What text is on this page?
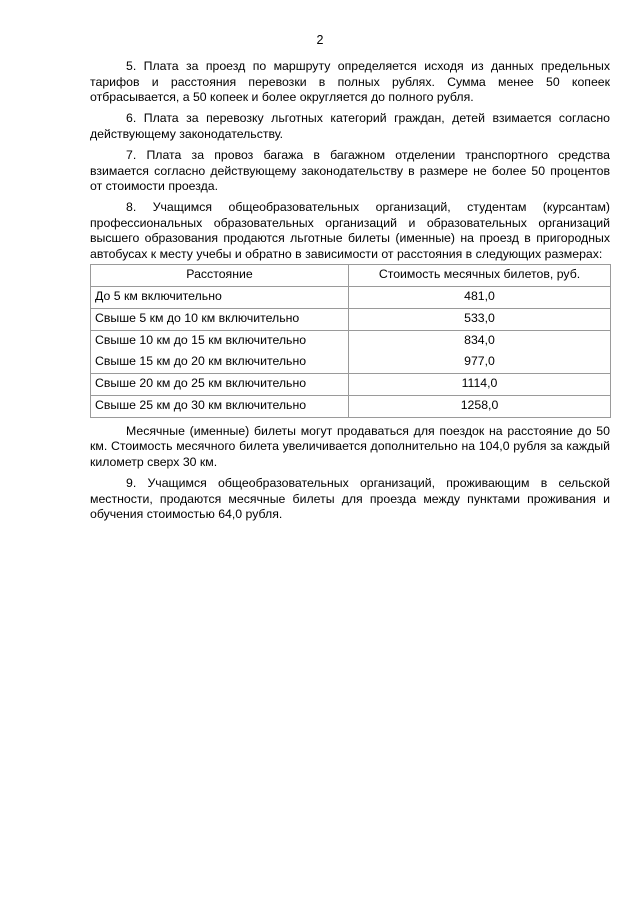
2

5. Плата за проезд по маршруту определяется исходя из данных предельных тарифов и расстояния перевозки в полных рублях. Сумма менее 50 копеек отбрасывается, а 50 копеек и более округляется до полного рубля.

6. Плата за перевозку льготных категорий граждан, детей взимается согласно действующему законодательству.

7. Плата за провоз багажа в багажном отделении транспортного средства взимается согласно действующему законодательству в размере не более 50 процентов от стоимости проезда.

8. Учащимся общеобразовательных организаций, студентам (курсантам) профессиональных образовательных организаций и образовательных организаций высшего образования продаются льготные билеты (именные) на проезд в пригородных автобусах к месту учебы и обратно в зависимости от расстояния в следующих размерах:

Расстояние	Стоимость месячных билетов, руб.
До 5 км включительно	481,0
Свыше 5 км до 10 км включительно	533,0
Свыше 10 км до 15 км включительно	834,0
Свыше 15 км до 20 км включительно	977,0
Свыше 20 км до 25 км включительно	1114,0
Свыше 25 км до 30 км включительно	1258,0

Месячные (именные) билеты могут продаваться для поездок на расстояние до 50 км. Стоимость месячного билета увеличивается дополнительно на 104,0 рубля за каждый километр сверх 30 км.

9. Учащимся общеобразовательных организаций, проживающим в сельской местности, продаются месячные билеты для проезда между пунктами проживания и обучения стоимостью 64,0 рубля.
